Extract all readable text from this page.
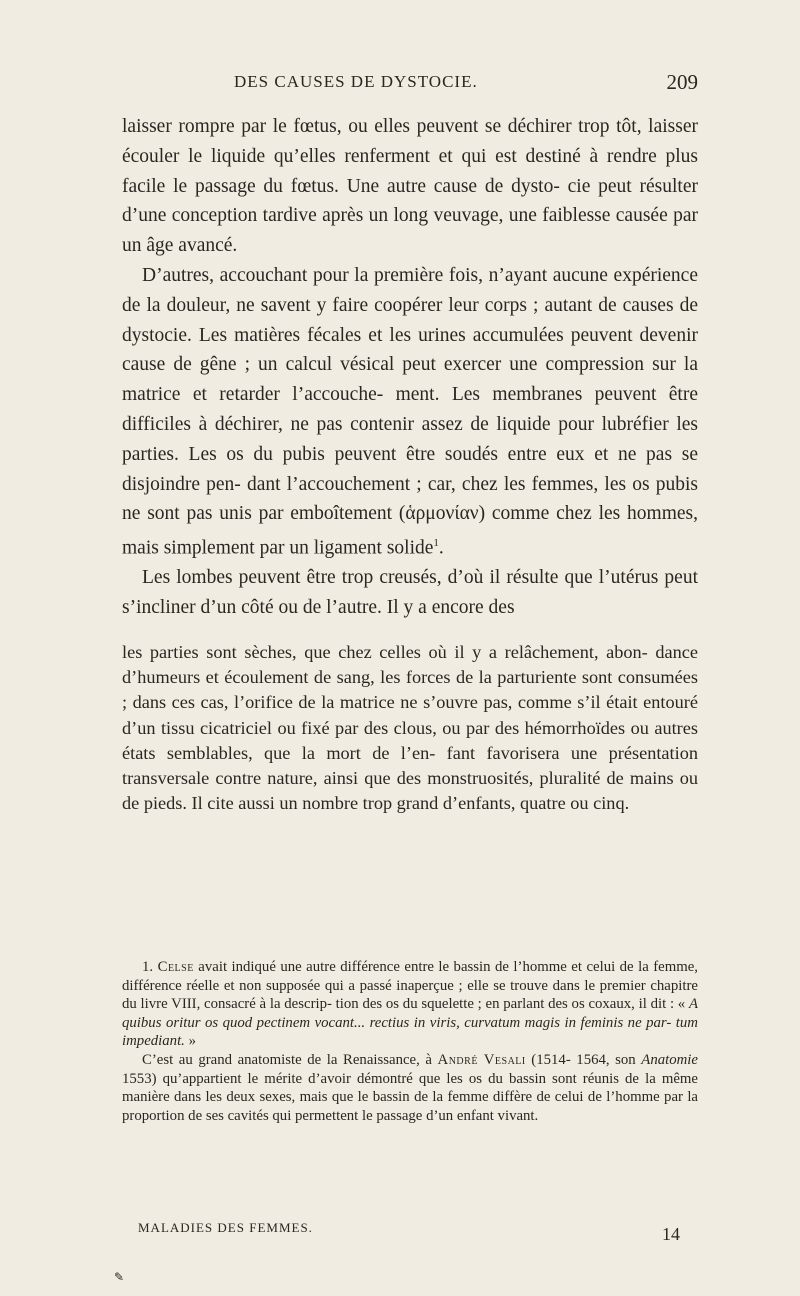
DES CAUSES DE DYSTOCIE.	209

laisser rompre par le fœtus, ou elles peuvent se déchirer trop tôt, laisser écouler le liquide qu’elles renferment et qui est destiné à rendre plus facile le passage du fœtus. Une autre cause de dysto- cie peut résulter d’une conception tardive après un long veuvage, une faiblesse causée par un âge avancé.

D’autres, accouchant pour la première fois, n’ayant aucune expérience de la douleur, ne savent y faire coopérer leur corps ; autant de causes de dystocie. Les matières fécales et les urines accumulées peuvent devenir cause de gêne ; un calcul vésical peut exercer une compression sur la matrice et retarder l’accouche- ment. Les membranes peuvent être difficiles à déchirer, ne pas contenir assez de liquide pour lubréfier les parties. Les os du pubis peuvent être soudés entre eux et ne pas se disjoindre pen- dant l’accouchement ; car, chez les femmes, les os pubis ne sont pas unis par emboîtement (ἁρμονίαν) comme chez les hommes, mais simplement par un ligament solide$^1$.

Les lombes peuvent être trop creusés, d’où il résulte que l’utérus peut s’incliner d’un côté ou de l’autre. Il y a encore des

les parties sont sèches, que chez celles où il y a relâchement, abon- dance d’humeurs et écoulement de sang, les forces de la parturiente sont consumées ; dans ces cas, l’orifice de la matrice ne s’ouvre pas, comme s’il était entouré d’un tissu cicatriciel ou fixé par des clous, ou par des hémorrhoïdes ou autres états semblables, que la mort de l’en- fant favorisera une présentation transversale contre nature, ainsi que des monstruosités, pluralité de mains ou de pieds. Il cite aussi un nombre trop grand d’enfants, quatre ou cinq.

1. Celse avait indiqué une autre différence entre le bassin de l’homme et celui de la femme, différence réelle et non supposée qui a passé inaperçue ; elle se trouve dans le premier chapitre du livre VIII, consacré à la descrip- tion des os du squelette ; en parlant des os coxaux, il dit : « A quibus oritur os quod pectinem vocant... rectius in viris, curvatum magis in feminis ne par- tum impediant. »

C’est au grand anatomiste de la Renaissance, à André Vesali (1514- 1564, son Anatomie 1553) qu’appartient le mérite d’avoir démontré que les os du bassin sont réunis de la même manière dans les deux sexes, mais que le bassin de la femme diffère de celui de l’homme par la proportion de ses cavités qui permettent le passage d’un enfant vivant.

MALADIES DES FEMMES.	14
✎
